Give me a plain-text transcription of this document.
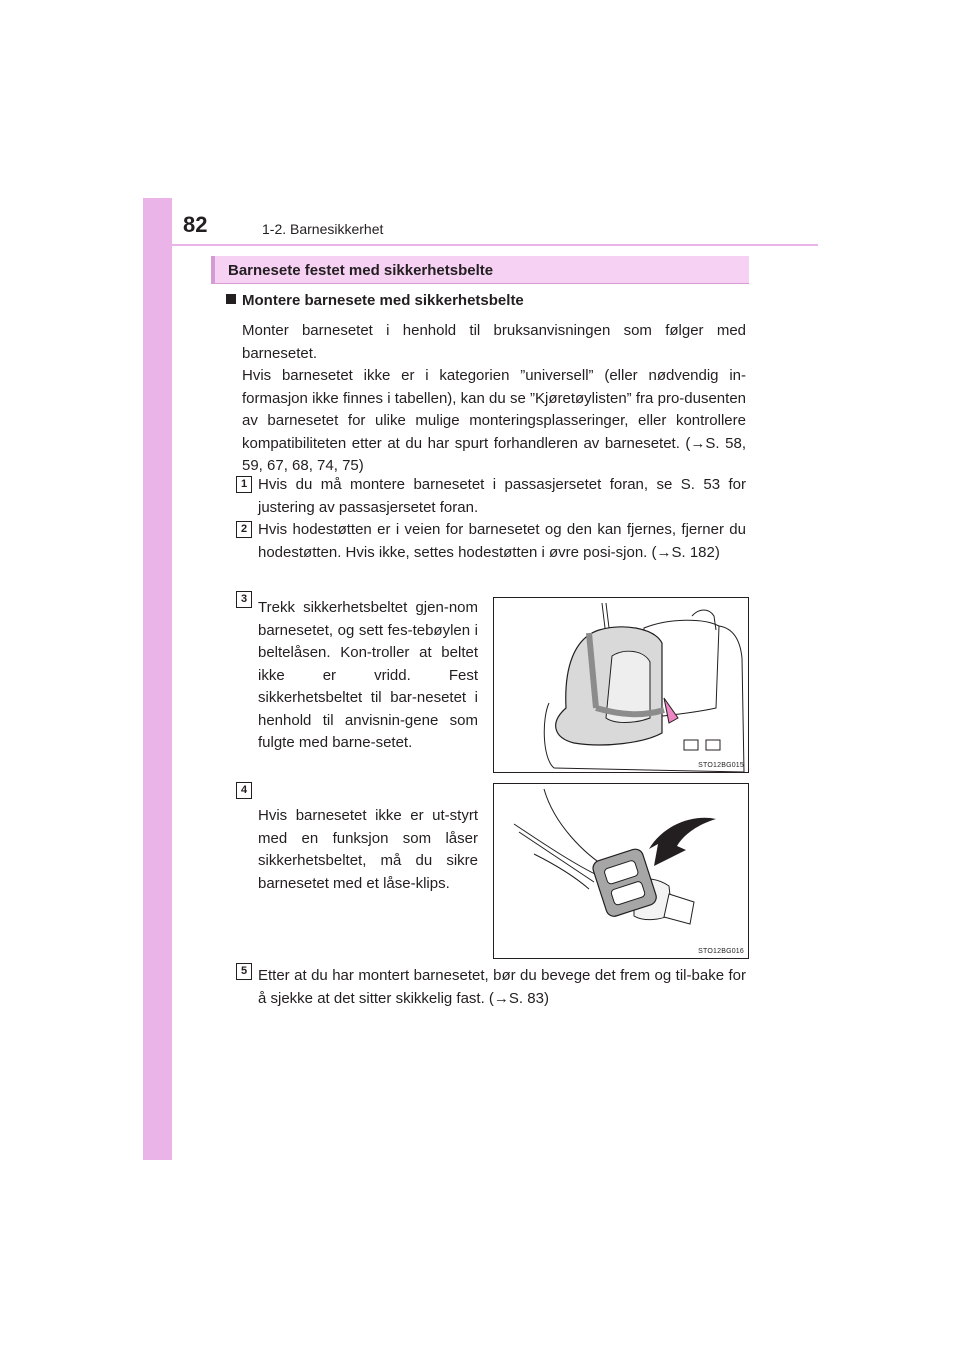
82	1-2. Barnesikkerhet
Barnesete festet med sikkerhetsbelte
Montere barnesete med sikkerhetsbelte

Monter barnesetet i henhold til bruksanvisningen som følger med barnesetet.

Hvis barnesetet ikke er i kategorien ”universell” (eller nødvendig in-formasjon ikke finnes i tabellen), kan du se ”Kjøretøylisten” fra pro-dusenten av barnesetet for ulike mulige monteringsplasseringer, eller kontrollere kompatibiliteten etter at du har spurt forhandleren av barnesetet. (→S. 58, 59, 67, 68, 74, 75)

1 Hvis du må montere barnesetet i passasjersetet foran, se S. 53 for justering av passasjersetet foran.

2 Hvis hodestøtten er i veien for barnesetet og den kan fjernes, fjerner du hodestøtten. Hvis ikke, settes hodestøtten i øvre posi-sjon. (→S. 182)

3 Trekk sikkerhetsbeltet gjen-nom barnesetet, og sett fes-tebøylen i beltelåsen. Kon-troller at beltet ikke er vridd. Fest sikkerhetsbeltet til bar-nesetet i henhold til anvisnin-gene som fulgte med barne-setet.

STO12BG015
4

Hvis barnesetet ikke er ut-styrt med en funksjon som låser sikkerhetsbeltet, må du sikre barnesetet med et låse-klips.

STO12BG016
5 Etter at du har montert barnesetet, bør du bevege det frem og til-bake for å sjekke at det sitter skikkelig fast. (→S. 83)
